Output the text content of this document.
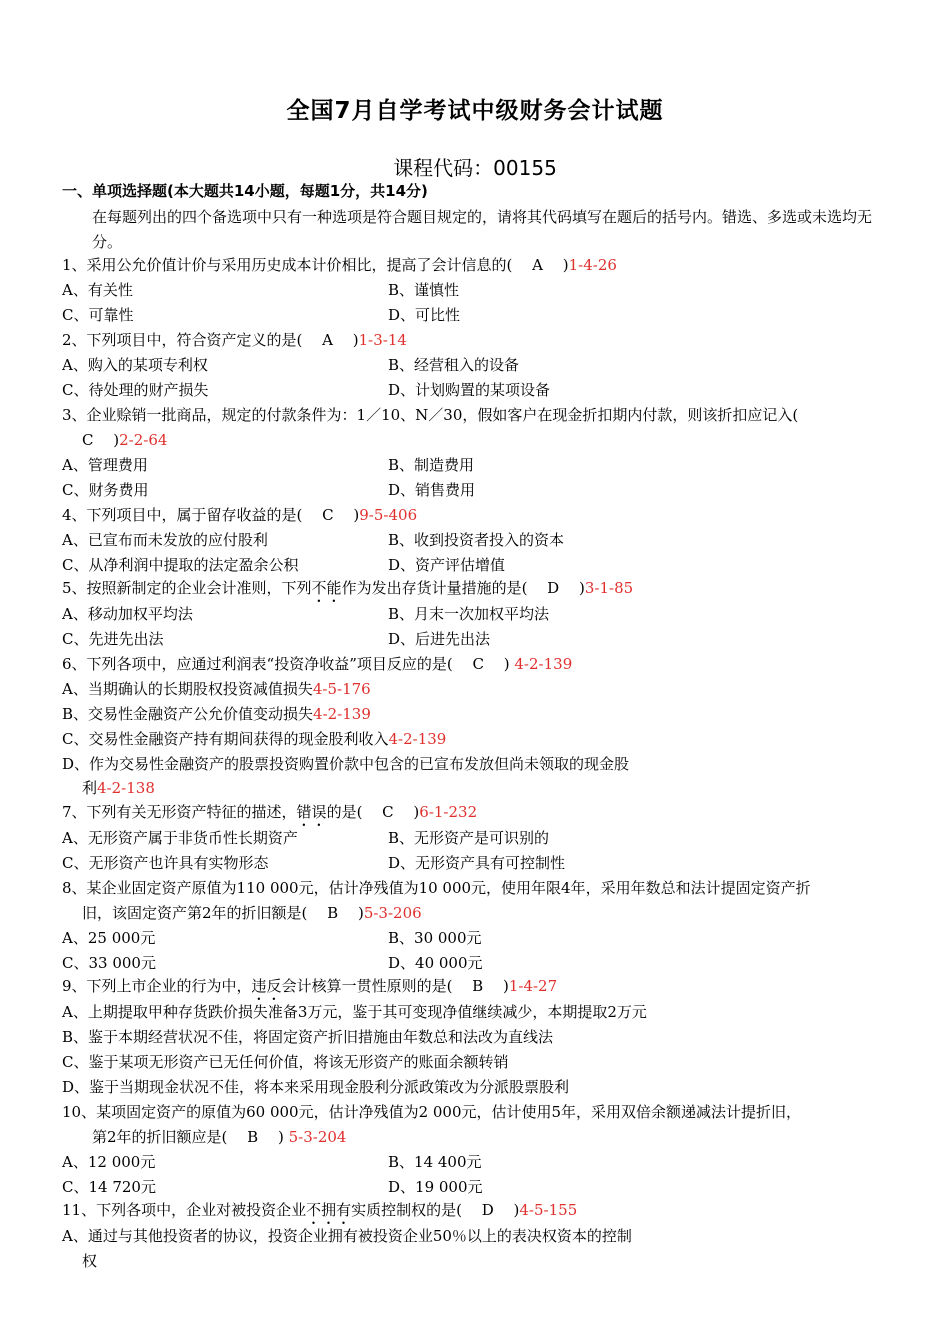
全国7月自学考试中级财务会计试题
课程代码：00155
一、单项选择题(本大题共14小题，每题1分，共14分)
在每题列出的四个备选项中只有一种选项是符合题目规定的，请将其代码填写在题后的括号内。错选、多选或未选均无分。
1、采用公允价值计价与采用历史成本计价相比，提高了会计信息的(　 A　 )1-4-26
A、有关性	B、谨慎性
C、可靠性	D、可比性
2、下列项目中，符合资产定义的是(　 A　 )1-3-14
A、购入的某项专利权	B、经营租入的设备
C、待处理的财产损失	D、计划购置的某项设备
3、企业赊销一批商品，规定的付款条件为：1／10、N／30，假如客户在现金折扣期内付款，则该折扣应记入(
C　 )2-2-64
A、管理费用	B、制造费用
C、财务费用	D、销售费用
4、下列项目中，属于留存收益的是(　 C　 )9-5-406
A、已宣布而未发放的应付股利	B、收到投资者投入的资本
C、从净利润中提取的法定盈余公积	D、资产评估增值
5、按照新制定的企业会计准则，下列不能作为发出存货计量措施的是(　 D　 )3-1-85
A、移动加权平均法	B、月末一次加权平均法
C、先进先出法	D、后进先出法
6、下列各项中，应通过利润表“投资净收益”项目反应的是(　 C　 ) 4-2-139
A、当期确认的长期股权投资减值损失4-5-176
B、交易性金融资产公允价值变动损失4-2-139
C、交易性金融资产持有期间获得的现金股利收入4-2-139
D、作为交易性金融资产的股票投资购置价款中包含的已宣布发放但尚未领取的现金股
利4-2-138
7、下列有关无形资产特征的描述，错误的是(　 C　 )6-1-232
A、无形资产属于非货币性长期资产	B、无形资产是可识别的
C、无形资产也许具有实物形态	D、无形资产具有可控制性
8、某企业固定资产原值为110 000元，估计净残值为10 000元，使用年限4年，采用年数总和法计提固定资产折
旧，该固定资产第2年的折旧额是(　 B　 )5-3-206
A、25 000元	B、30 000元
C、33 000元	D、40 000元
9、下列上市企业的行为中，违反会计核算一贯性原则的是(　 B　 )1-4-27
A、上期提取甲种存货跌价损失准备3万元，鉴于其可变现净值继续减少，本期提取2万元
B、鉴于本期经营状况不佳，将固定资产折旧措施由年数总和法改为直线法
C、鉴于某项无形资产已无任何价值，将该无形资产的账面余额转销
D、鉴于当期现金状况不佳，将本来采用现金股利分派政策改为分派股票股利
10、某项固定资产的原值为60 000元，估计净残值为2 000元，估计使用5年，采用双倍余额递减法计提折旧，
第2年的折旧额应是(　 B　 ) 5-3-204
A、12 000元	B、14 400元
C、14 720元	D、19 000元
11、下列各项中，企业对被投资企业不拥有实质控制权的是(　 D　 )4-5-155
A、通过与其他投资者的协议，投资企业拥有被投资企业50％以上的表决权资本的控制
权
